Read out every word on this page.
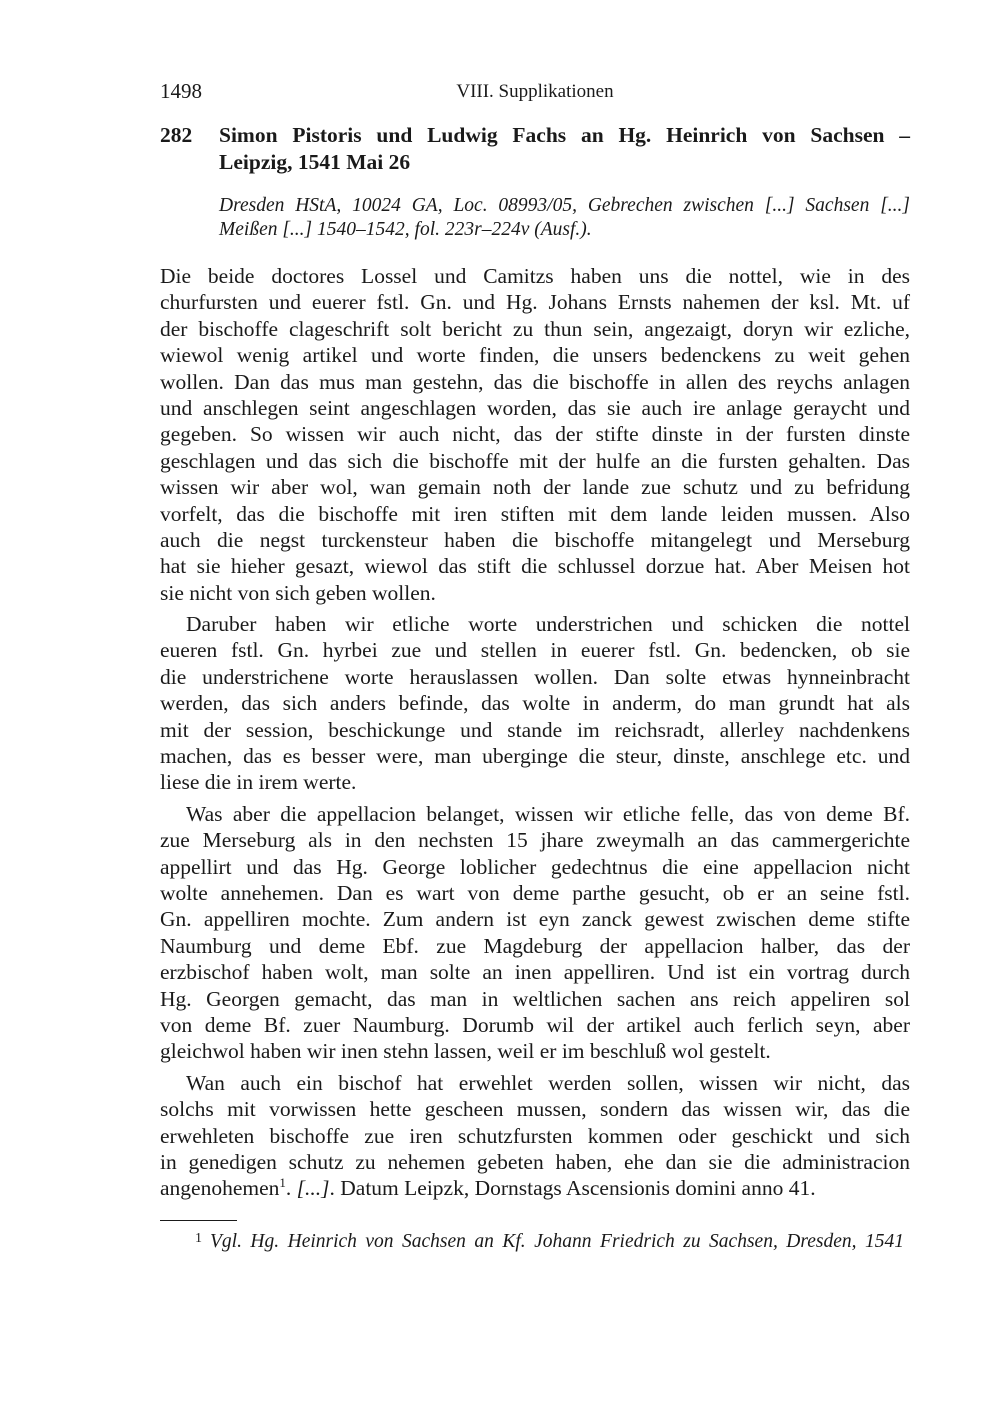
1498	VIII. Supplikationen
282 Simon Pistoris und Ludwig Fachs an Hg. Heinrich von Sachsen –
Leipzig, 1541 Mai 26
Dresden HStA, 10024 GA, Loc. 08993/05, Gebrechen zwischen [...] Sachsen [...]
Meißen [...] 1540–1542, fol. 223r–224v (Ausf.).
Die beide doctores Lossel und Camitzs haben uns die nottel, wie in des
churfursten und euerer fstl. Gn. und Hg. Johans Ernsts nahemen der ksl. Mt. uf
der bischoffe clageschrift solt bericht zu thun sein, angezaigt, doryn wir ezliche,
wiewol wenig artikel und worte finden, die unsers bedenckens zu weit gehen
wollen. Dan das mus man gestehn, das die bischoffe in allen des reychs anlagen
und anschlegen seint angeschlagen worden, das sie auch ire anlage geraycht und
gegeben. So wissen wir auch nicht, das der stifte dinste in der fursten dinste
geschlagen und das sich die bischoffe mit der hulfe an die fursten gehalten. Das
wissen wir aber wol, wan gemain noth der lande zue schutz und zu befridung
vorfelt, das die bischoffe mit iren stiften mit dem lande leiden mussen. Also
auch die negst turckensteur haben die bischoffe mitangelegt und Merseburg
hat sie hieher gesazt, wiewol das stift die schlussel dorzue hat. Aber Meisen hot
sie nicht von sich geben wollen.
Daruber haben wir etliche worte understrichen und schicken die nottel
eueren fstl. Gn. hyrbei zue und stellen in euerer fstl. Gn. bedencken, ob sie
die understrichene worte herauslassen wollen. Dan solte etwas hynneinbracht
werden, das sich anders befinde, das wolte in anderm, do man grundt hat als
mit der session, beschickunge und stande im reichsradt, allerley nachdenkens
machen, das es besser were, man uberginge die steur, dinste, anschlege etc. und
liese die in irem werte.
Was aber die appellacion belanget, wissen wir etliche felle, das von deme Bf.
zue Merseburg als in den nechsten 15 jhare zweymalh an das cammergerichte
appellirt und das Hg. George loblicher gedechtnus die eine appellacion nicht
wolte annehemen. Dan es wart von deme parthe gesucht, ob er an seine fstl.
Gn. appelliren mochte. Zum andern ist eyn zanck gewest zwischen deme stifte
Naumburg und deme Ebf. zue Magdeburg der appellacion halber, das der
erzbischof haben wolt, man solte an inen appelliren. Und ist ein vortrag durch
Hg. Georgen gemacht, das man in weltlichen sachen ans reich appeliren sol
von deme Bf. zuer Naumburg. Dorumb wil der artikel auch ferlich seyn, aber
gleichwol haben wir inen stehn lassen, weil er im beschluß wol gestelt.
Wan auch ein bischof hat erwehlet werden sollen, wissen wir nicht, das
solchs mit vorwissen hette gescheen mussen, sondern das wissen wir, das die
erwehleten bischoffe zue iren schutzfursten kommen oder geschickt und sich
in genedigen schutz zu nehemen gebeten haben, ehe dan sie die administracion
angenohemen$^1$. [...]. Datum Leipzk, Dornstags Ascensionis domini anno 41.
1 Vgl. Hg. Heinrich von Sachsen an Kf. Johann Friedrich zu Sachsen, Dresden, 1541
